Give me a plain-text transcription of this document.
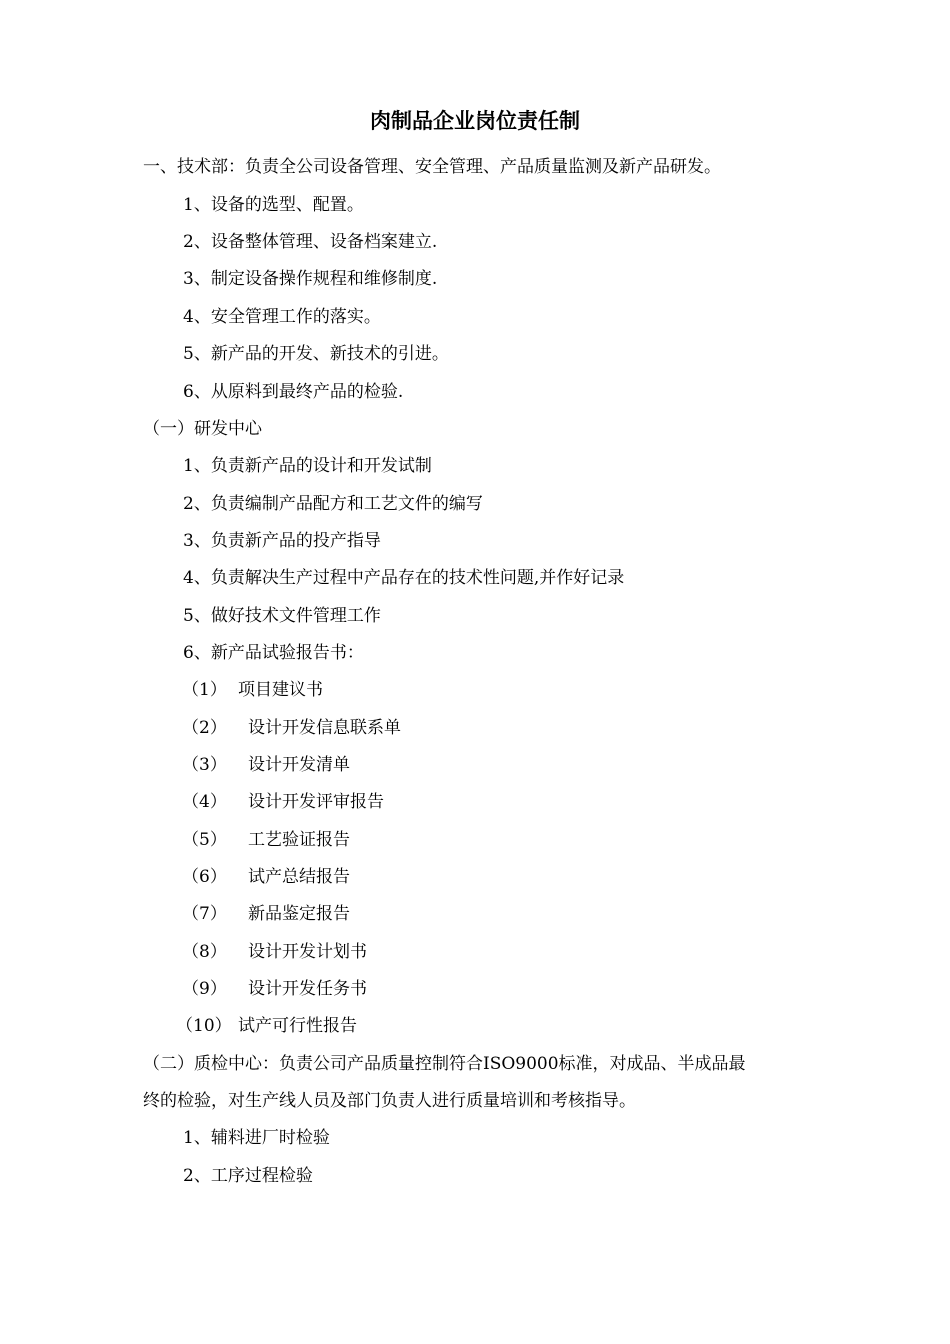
肉制品企业岗位责任制
一、技术部：负责全公司设备管理、安全管理、产品质量监测及新产品研发。
1、设备的选型、配置。
2、设备整体管理、设备档案建立.
3、制定设备操作规程和维修制度.
4、安全管理工作的落实。
5、新产品的开发、新技术的引进。
6、从原料到最终产品的检验.
（一）研发中心
1、负责新产品的设计和开发试制
2、负责编制产品配方和工艺文件的编写
3、负责新产品的投产指导
4、负责解决生产过程中产品存在的技术性问题,并作好记录
5、做好技术文件管理工作
6、新产品试验报告书：
（1） 项目建议书
（2） 设计开发信息联系单
（3） 设计开发清单
（4） 设计开发评审报告
（5） 工艺验证报告
（6） 试产总结报告
（7） 新品鉴定报告
（8） 设计开发计划书
（9） 设计开发任务书
（10） 试产可行性报告
（二）质检中心：负责公司产品质量控制符合ISO9000标准，对成品、半成品最
终的检验，对生产线人员及部门负责人进行质量培训和考核指导。
1、辅料进厂时检验
2、工序过程检验
